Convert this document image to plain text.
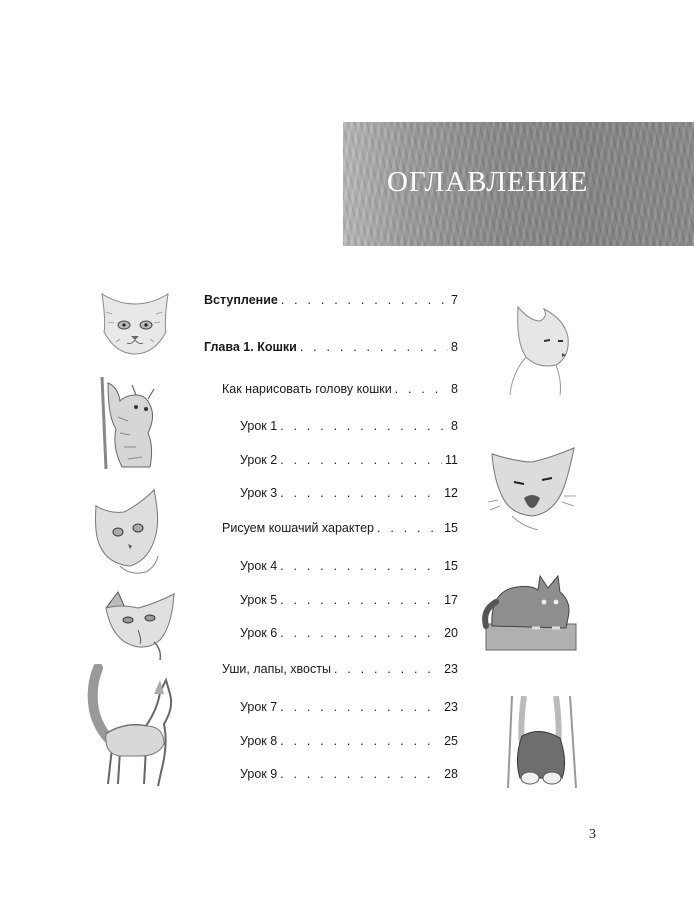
ОГЛАВЛЕНИЕ
Вступление . . .	7
Глава 1. Кошки . . .	8
Как нарисовать голову кошки . . .	8
Урок 1 . . .	8
Урок 2 . . .	11
Урок 3 . . .	12
Рисуем кошачий характер . . .	15
Урок 4 . . .	15
Урок 5 . . .	17
Урок 6 . . .	20
Уши, лапы, хвосты . . .	23
Урок 7 . . .	23
Урок 8 . . .	25
Урок 9 . . .	28
3
